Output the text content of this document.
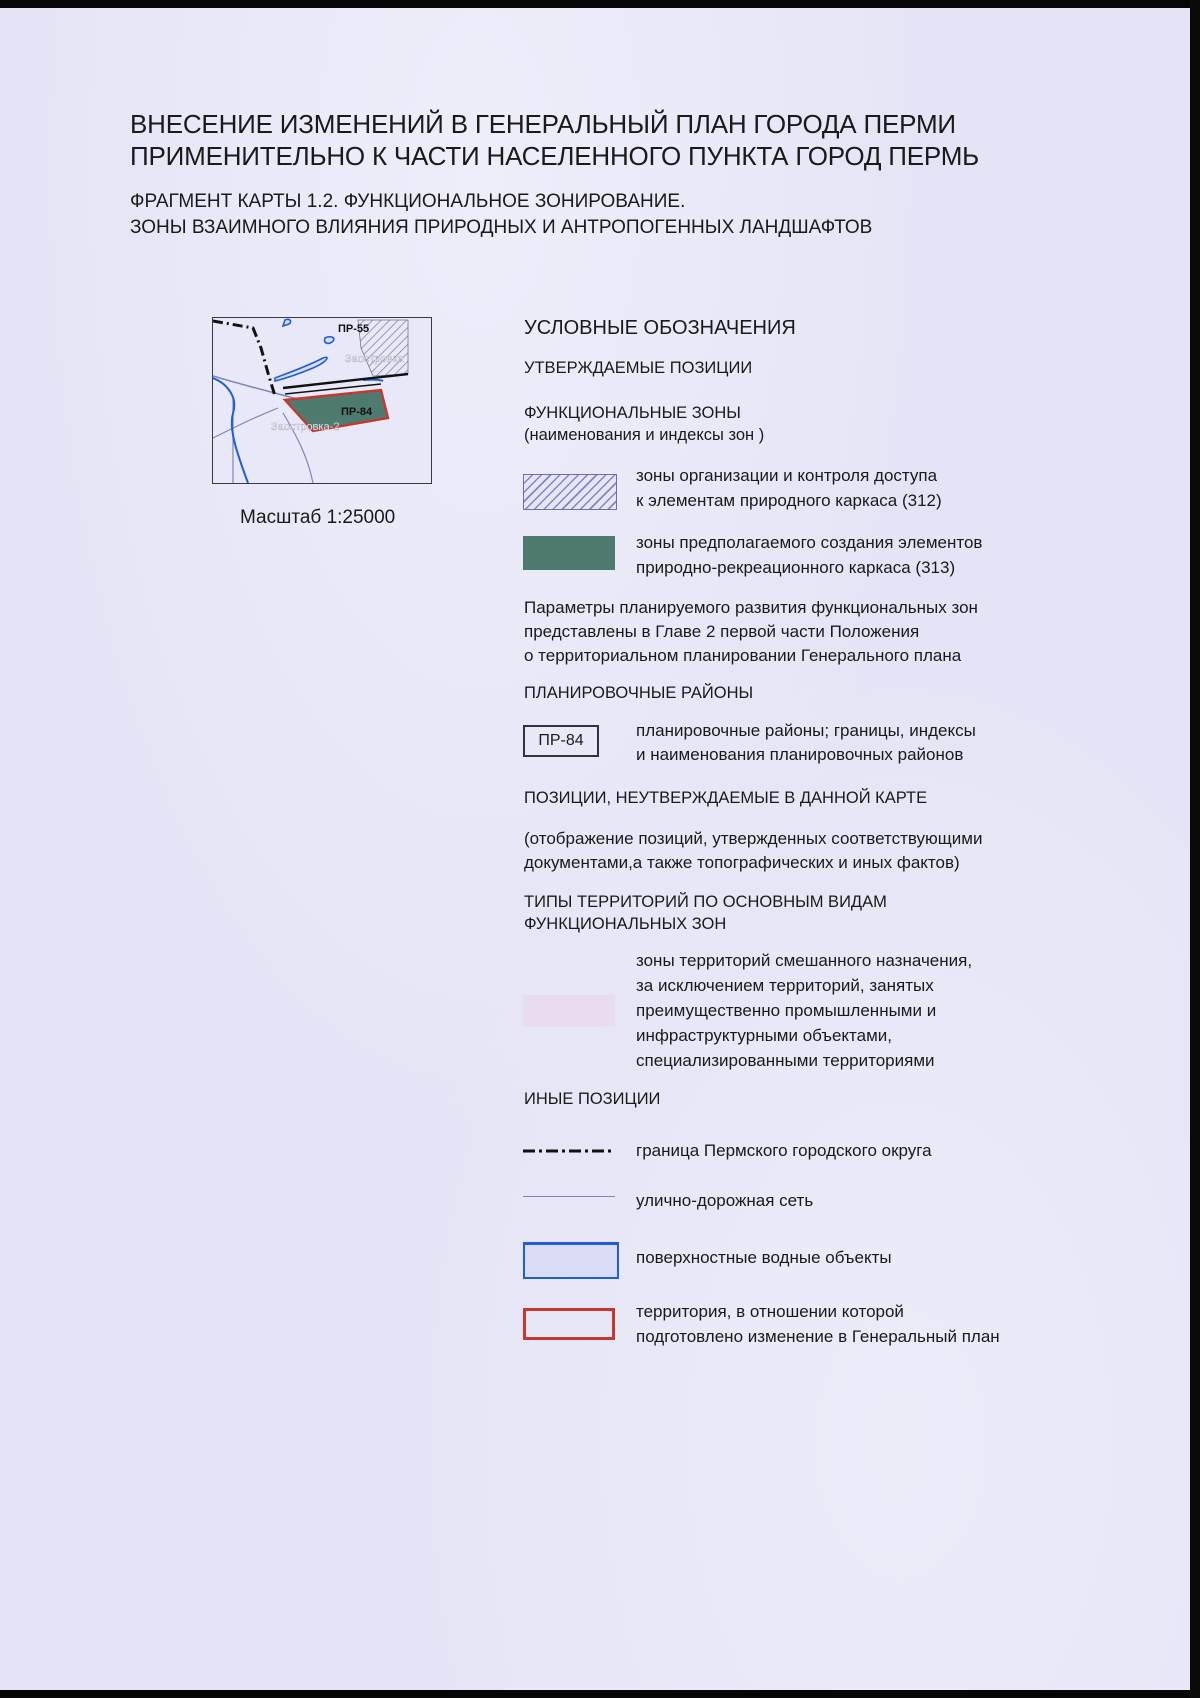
ВНЕСЕНИЕ ИЗМЕНЕНИЙ В ГЕНЕРАЛЬНЫЙ ПЛАН ГОРОДА ПЕРМИ
ПРИМЕНИТЕЛЬНО К ЧАСТИ НАСЕЛЕННОГО ПУНКТА ГОРОД ПЕРМЬ
ФРАГМЕНТ КАРТЫ 1.2. ФУНКЦИОНАЛЬНОЕ ЗОНИРОВАНИЕ.
ЗОНЫ ВЗАИМНОГО ВЛИЯНИЯ ПРИРОДНЫХ И АНТРОПОГЕННЫХ ЛАНДШАФТОВ
ПР-55
Заостровка
ПР-84
Заостровка-2
Масштаб 1:25000
УСЛОВНЫЕ ОБОЗНАЧЕНИЯ
УТВЕРЖДАЕМЫЕ ПОЗИЦИИ
ФУНКЦИОНАЛЬНЫЕ ЗОНЫ
(наименования и индексы зон )
зоны организации и контроля доступа
к элементам природного каркаса (312)
зоны предполагаемого создания элементов
природно-рекреационного каркаса (313)
Параметры планируемого развития функциональных зон
представлены в Главе 2 первой части Положения
о территориальном планировании Генерального плана
ПЛАНИРОВОЧНЫЕ РАЙОНЫ
ПР-84
планировочные районы; границы, индексы
и наименования планировочных районов
ПОЗИЦИИ, НЕУТВЕРЖДАЕМЫЕ В ДАННОЙ КАРТЕ
(отображение позиций, утвержденных соответствующими
документами,а также топографических и иных фактов)
ТИПЫ ТЕРРИТОРИЙ ПО ОСНОВНЫМ ВИДАМ
ФУНКЦИОНАЛЬНЫХ ЗОН
зоны территорий смешанного назначения,
за исключением территорий, занятых
преимущественно промышленными и
инфраструктурными объектами,
специализированными территориями
ИНЫЕ ПОЗИЦИИ
граница Пермского городского округа
улично-дорожная сеть
поверхностные водные объекты
территория, в отношении которой
подготовлено изменение в Генеральный план
